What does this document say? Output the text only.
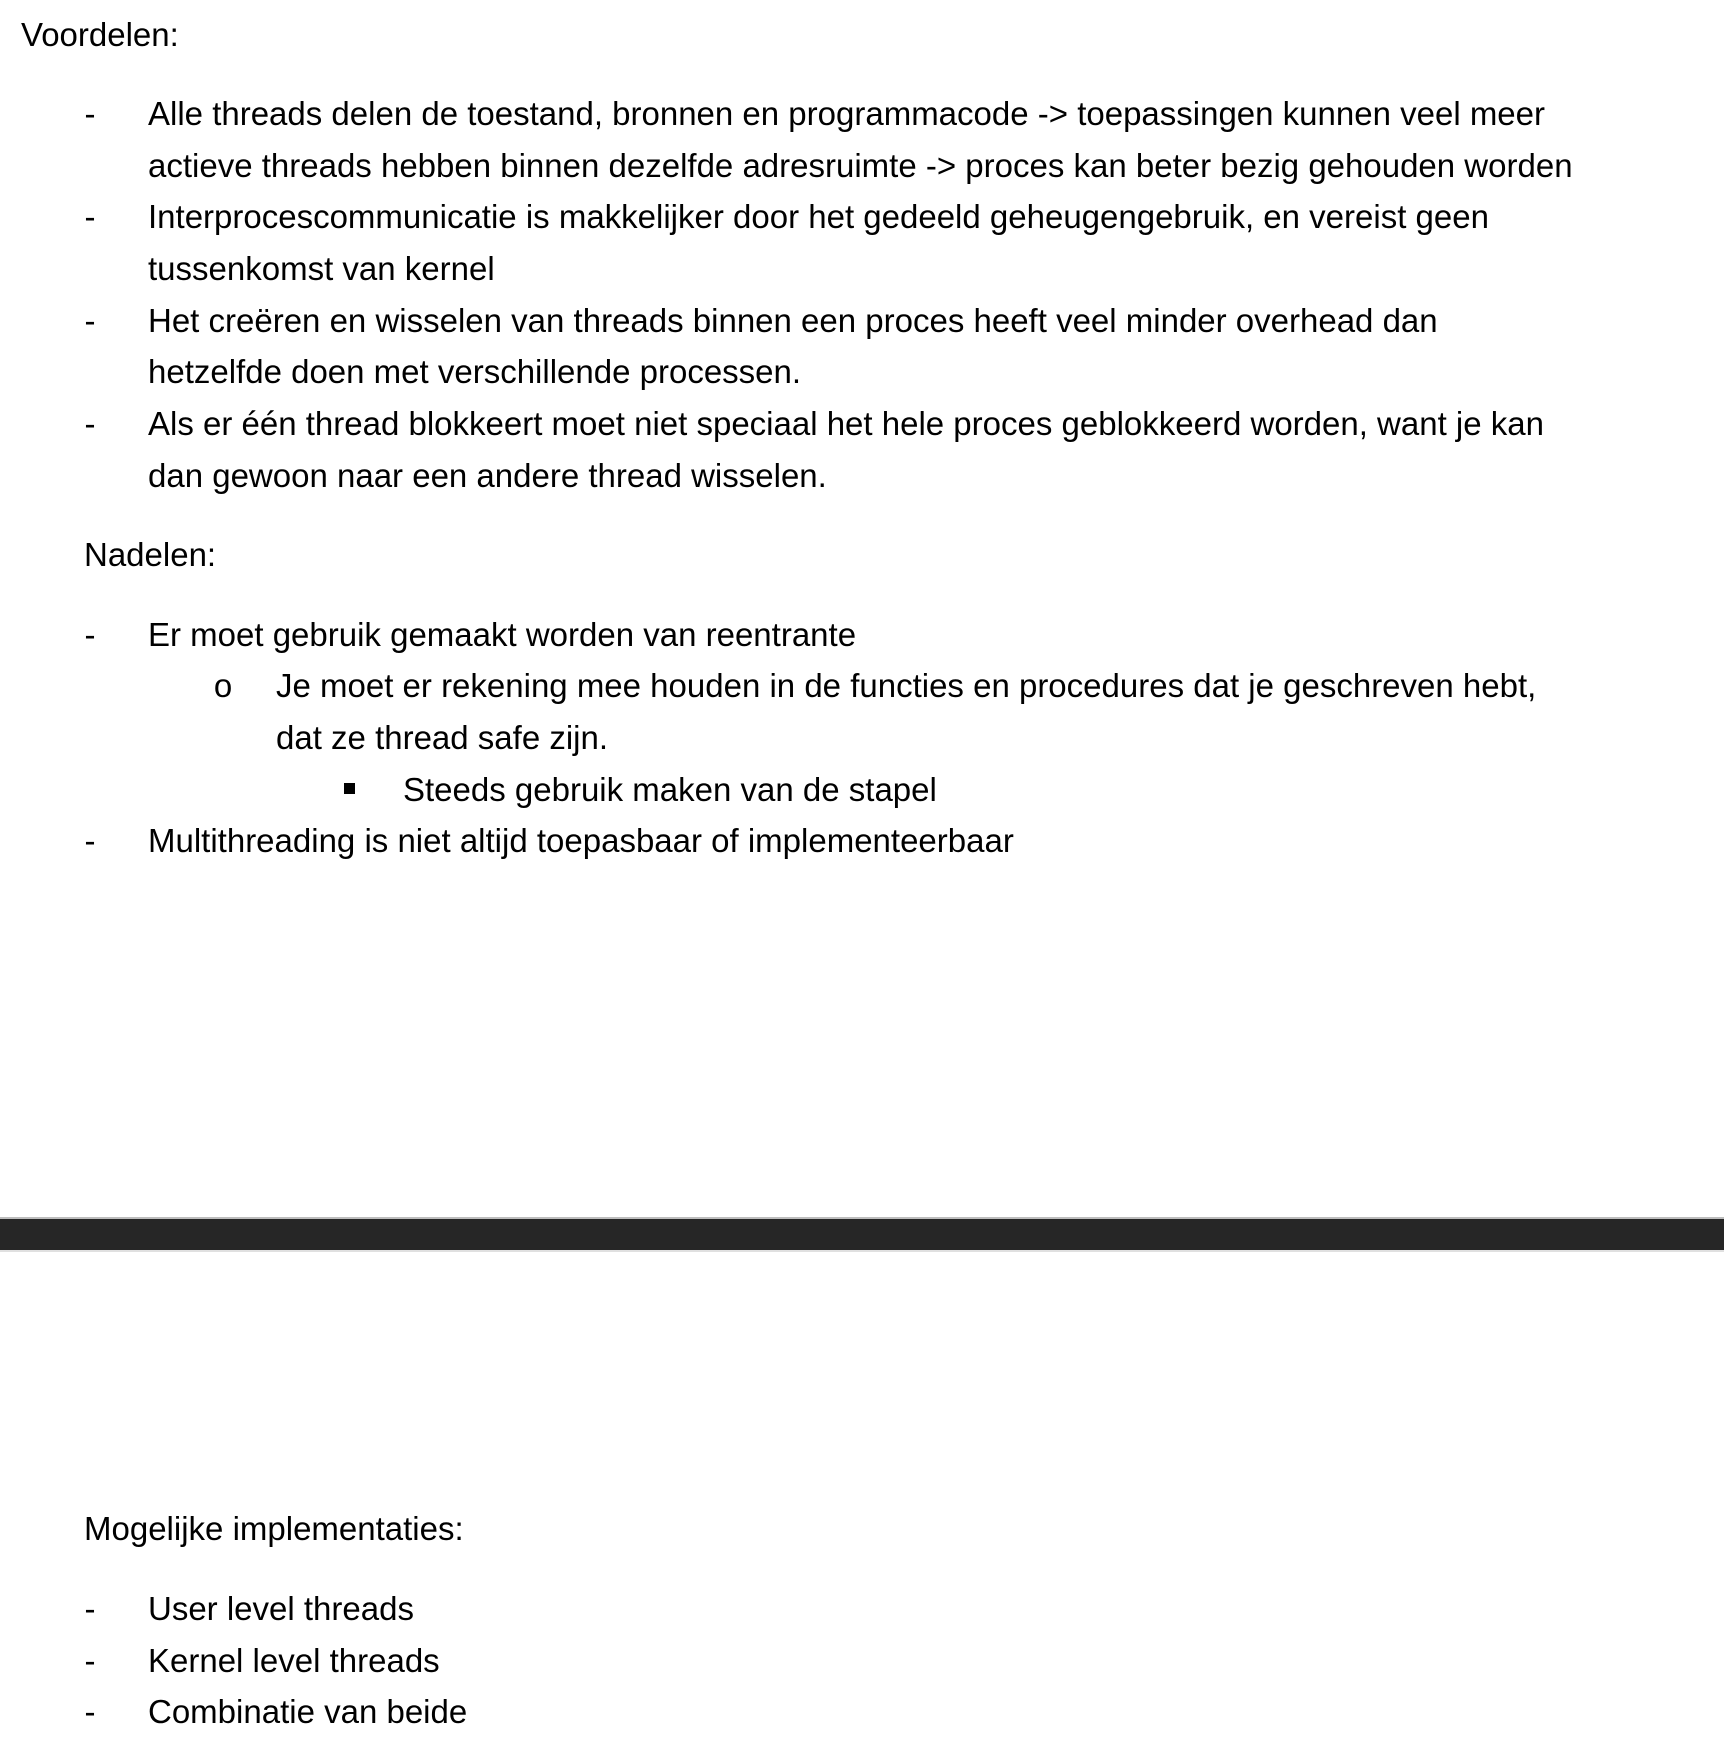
Voordelen:
- Alle threads delen de toestand, bronnen en programmacode -> toepassingen kunnen veel meer
actieve threads hebben binnen dezelfde adresruimte -> proces kan beter bezig gehouden worden
- Interprocescommunicatie is makkelijker door het gedeeld geheugengebruik, en vereist geen
tussenkomst van kernel
- Het creëren en wisselen van threads binnen een proces heeft veel minder overhead dan
hetzelfde doen met verschillende processen.
- Als er één thread blokkeert moet niet speciaal het hele proces geblokkeerd worden, want je kan
dan gewoon naar een andere thread wisselen.
Nadelen:
- Er moet gebruik gemaakt worden van reentrante
o Je moet er rekening mee houden in de functies en procedures dat je geschreven hebt,
dat ze thread safe zijn.
Steeds gebruik maken van de stapel
- Multithreading is niet altijd toepasbaar of implementeerbaar
Mogelijke implementaties:
- User level threads
- Kernel level threads
- Combinatie van beide
